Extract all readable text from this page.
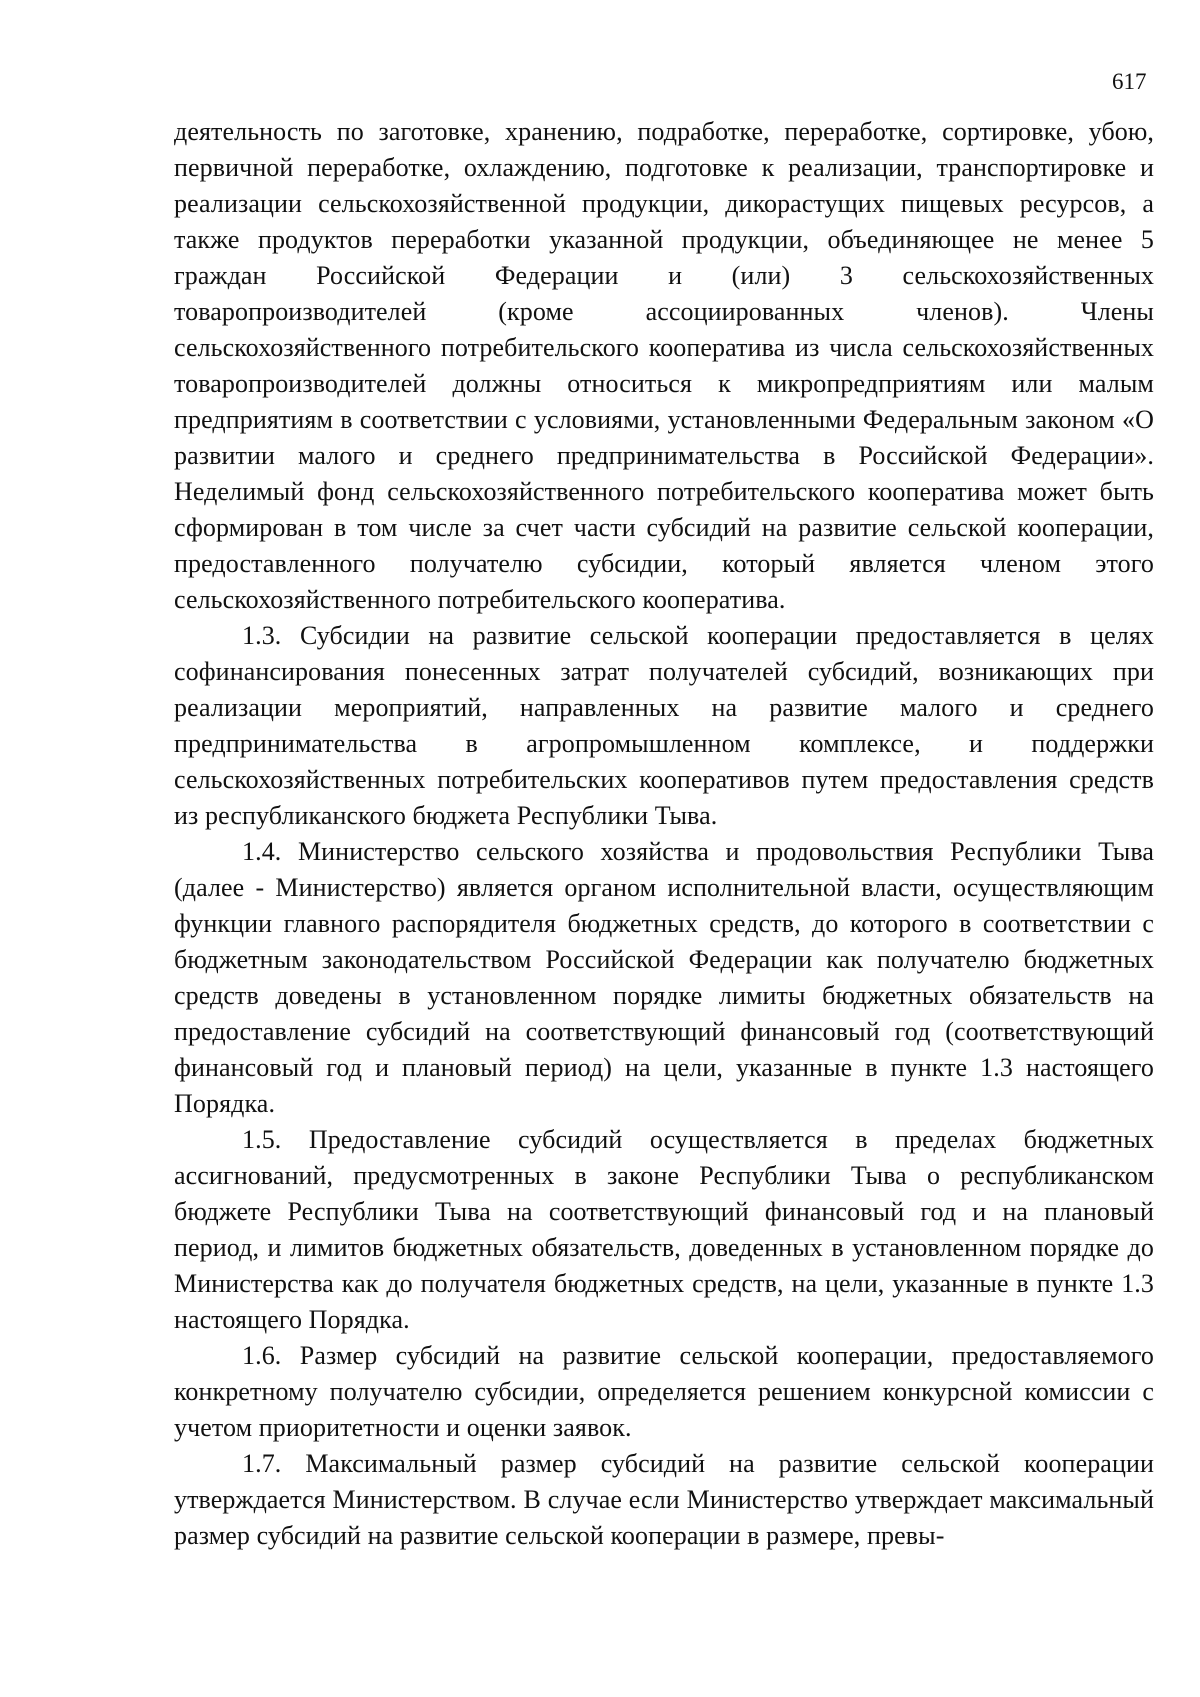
617

деятельность по заготовке, хранению, подработке, переработке, сортировке, убою, первичной переработке, охлаждению, подготовке к реализации, транспортировке и реализации сельскохозяйственной продукции, дикорастущих пищевых ресурсов, а также продуктов переработки указанной продукции, объединяющее не менее 5 граждан Российской Федерации и (или) 3 сельскохозяйственных товаропроизводителей (кроме ассоциированных членов). Члены сельскохозяйственного потребительского кооператива из числа сельскохозяйственных товаропроизводителей должны относиться к микропредприятиям или малым предприятиям в соответствии с условиями, установленными Федеральным законом «О развитии малого и среднего предпринимательства в Российской Федерации». Неделимый фонд сельскохозяйственного потребительского кооператива может быть сформирован в том числе за счет части субсидий на развитие сельской кооперации, предоставленного получателю субсидии, который является членом этого сельскохозяйственного потребительского кооператива.

1.3. Субсидии на развитие сельской кооперации предоставляется в целях софинансирования понесенных затрат получателей субсидий, возникающих при реализации мероприятий, направленных на развитие малого и среднего предпринимательства в агропромышленном комплексе, и поддержки сельскохозяйственных потребительских кооперативов путем предоставления средств из республиканского бюджета Республики Тыва.

1.4. Министерство сельского хозяйства и продовольствия Республики Тыва (далее - Министерство) является органом исполнительной власти, осуществляющим функции главного распорядителя бюджетных средств, до которого в соответствии с бюджетным законодательством Российской Федерации как получателю бюджетных средств доведены в установленном порядке лимиты бюджетных обязательств на предоставление субсидий на соответствующий финансовый год (соответствующий финансовый год и плановый период) на цели, указанные в пункте 1.3 настоящего Порядка.

1.5. Предоставление субсидий осуществляется в пределах бюджетных ассигнований, предусмотренных в законе Республики Тыва о республиканском бюджете Республики Тыва на соответствующий финансовый год и на плановый период, и лимитов бюджетных обязательств, доведенных в установленном порядке до Министерства как до получателя бюджетных средств, на цели, указанные в пункте 1.3 настоящего Порядка.

1.6. Размер субсидий на развитие сельской кооперации, предоставляемого конкретному получателю субсидии, определяется решением конкурсной комиссии с учетом приоритетности и оценки заявок.

1.7. Максимальный размер субсидий на развитие сельской кооперации утверждается Министерством. В случае если Министерство утверждает максимальный размер субсидий на развитие сельской кооперации в размере, превы-
